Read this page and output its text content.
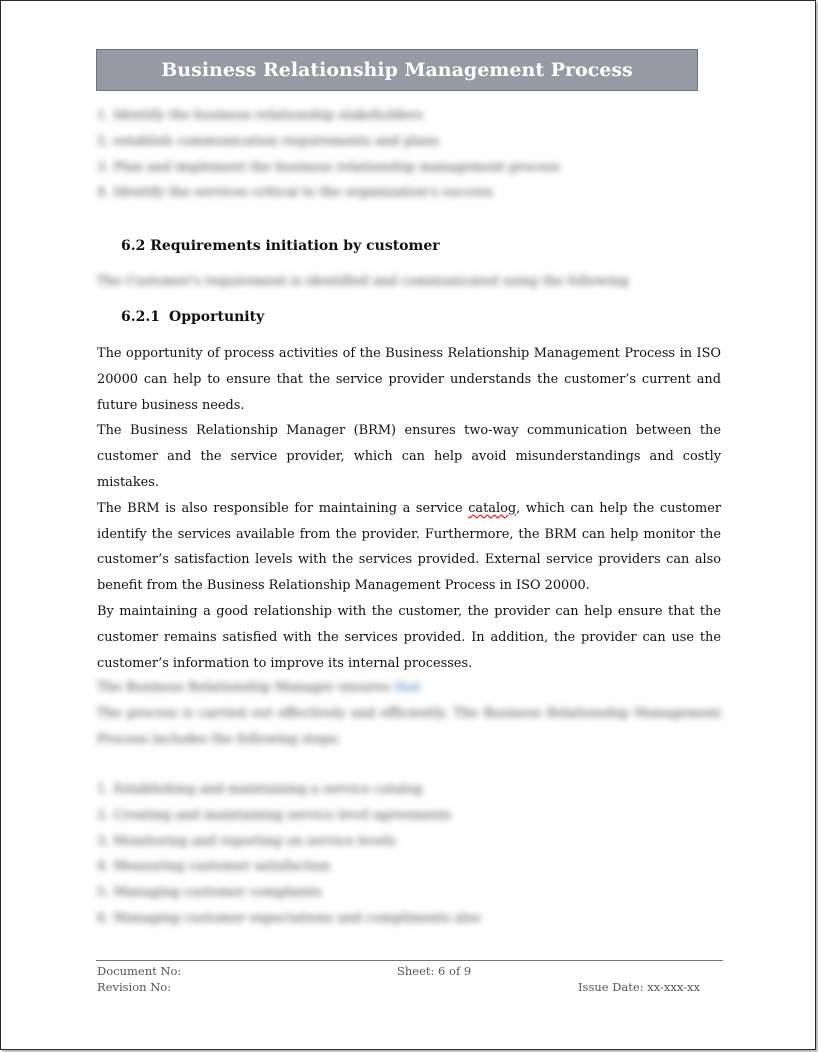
Business Relationship Management Process
1. Identify the business relationship stakeholders
2. establish communication requirements and plans
3. Plan and implement the business relationship management process
4. Identify the services critical to the organization's success
6.2 Requirements initiation by customer
The Customer's requirement is identified and communicated using the following
6.2.1 Opportunity

The opportunity of process activities of the Business Relationship Management Process in ISO 20000 can help to ensure that the service provider understands the customer’s current and future business needs.

The Business Relationship Manager (BRM) ensures two-way communication between the customer and the service provider, which can help avoid misunderstandings and costly mistakes.

The BRM is also responsible for maintaining a service catalog, which can help the customer identify the services available from the provider. Furthermore, the BRM can help monitor the customer’s satisfaction levels with the services provided. External service providers can also benefit from the Business Relationship Management Process in ISO 20000.

By maintaining a good relationship with the customer, the provider can help ensure that the customer remains satisfied with the services provided. In addition, the provider can use the customer’s information to improve its internal processes.

The Business Relationship Manager ensures that

The process is carried out effectively and efficiently. The Business Relationship Management Process includes the following steps:

1. Establishing and maintaining a service catalog
2. Creating and maintaining service level agreements
3. Monitoring and reporting on service levels
4. Measuring customer satisfaction
5. Managing customer complaints
6. Managing customer expectations and compliments also
Document No:	Sheet: 6 of 9
Revision No:	Issue Date: xx-xxx-xx
